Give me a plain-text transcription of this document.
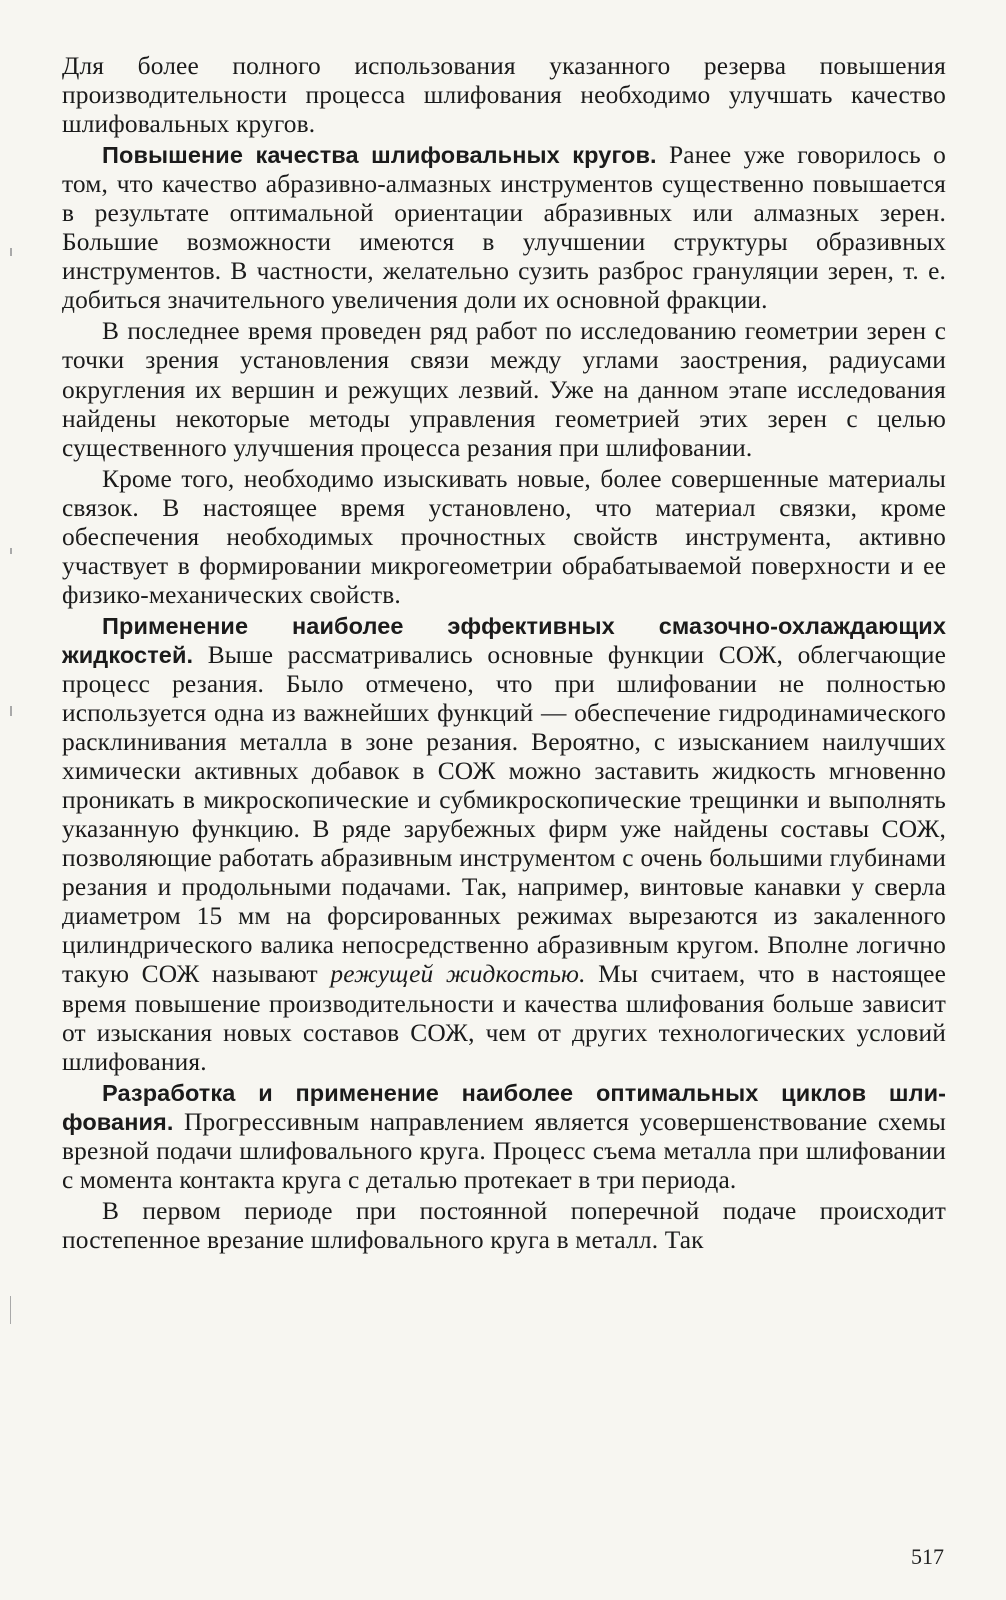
Для более полного использования указанного резерва повышения производительности процесса шлифования необходимо улучшать качество шлифовальных кругов.

Повышение качества шлифовальных кругов. Ранее уже говорилось о том, что качество абразивно-алмазных инструментов существенно повышается в результате оптимальной ориентации абразивных или алмазных зерен. Большие возможности имеются в улучшении структуры образивных инструментов. В частности, желательно сузить разброс грануляции зерен, т. е. добиться значительного увеличения доли их основной фракции.

В последнее время проведен ряд работ по исследованию геометрии зерен с точки зрения установления связи между углами заострения, радиусами округления их вершин и режущих лезвий. Уже на данном этапе исследования найдены некоторые методы управления геометрией этих зерен с целью существенного улучшения процесса резания при шлифовании.

Кроме того, необходимо изыскивать новые, более совершенные материалы связок. В настоящее время установлено, что материал связки, кроме обеспечения необходимых прочностных свойств инструмента, активно участвует в формировании микрогеометрии обрабатываемой поверхности и ее физико-механических свойств.

Применение наиболее эффективных смазочно-охлаждающих жидкостей. Выше рассматривались основные функции СОЖ, облегчающие процесс резания. Было отмечено, что при шлифовании не полностью используется одна из важнейших функций — обеспечение гидродинамического расклинивания металла в зоне резания. Вероятно, с изысканием наилучших химически активных добавок в СОЖ можно заставить жидкость мгновенно проникать в микроскопические и субмикроскопические трещинки и выполнять указанную функцию. В ряде зарубежных фирм уже найдены составы СОЖ, позволяющие работать абразивным инструментом с очень большими глубинами резания и продольными подачами. Так, например, винтовые канавки у сверла диаметром 15 мм на форсированных режимах вырезаются из закаленного цилиндрического валика непосредственно абразивным кругом. Вполне логично такую СОЖ называют режущей жидкостью. Мы считаем, что в настоящее время повышение производительности и качества шлифования больше зависит от изыскания новых составов СОЖ, чем от других технологических условий шлифования.

Разработка и применение наиболее оптимальных циклов шлифования. Прогрессивным направлением является усовершенствование схемы врезной подачи шлифовального круга. Процесс съема металла при шлифовании с момента контакта круга с деталью протекает в три периода.

В первом периоде при постоянной поперечной подаче происходит постепенное врезание шлифовального круга в металл. Так

517
